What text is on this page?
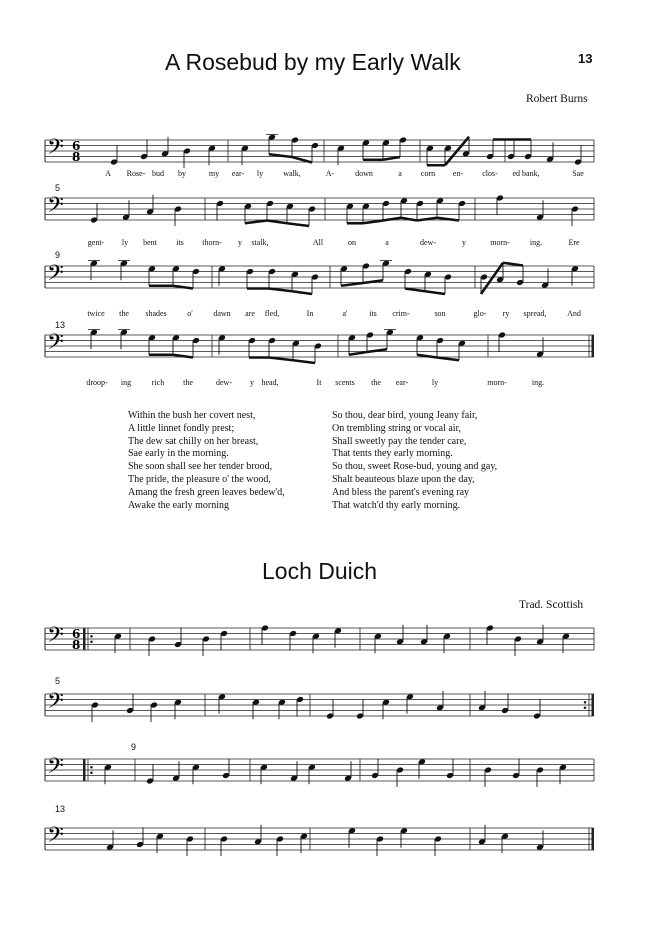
13
A Rosebud by my Early Walk
Robert Burns
𝄢 6
8
𝄢
𝄢
𝄢
𝄢 6
8
𝄢
𝄢
𝄢
5
9
13
A Rose- bud by	my ear- ly	walk,	A-	down	a corn en- clos- ed bank,	Sae
gent- ly bent its thorn- y stalk,	All	on	a	dew-	y	morn-	ing.	Ere
twice the shades	o'	dawn are fled,	In	a'	its crim-	son	glo- ry spread,	And
droop- ing	rich the	dew- y head,	It scents the ear-	ly	morn-	ing.
Within the bush her covert nest,
A little linnet fondly prest;
The dew sat chilly on her breast,
Sae early in the morning.
She soon shall see her tender brood,
The pride, the pleasure o' the wood,
Amang the fresh green leaves bedew'd,
Awake the early morning
So thou, dear bird, young Jeany fair,
On trembling string or vocal air,
Shall sweetly pay the tender care,
That tents they early morning.
So thou, sweet Rose-bud, young and gay,
Shalt beauteous blaze upon the day,
And bless the parent's evening ray
That watch'd thy early morning.
Loch Duich
Trad. Scottish
5
9
13
